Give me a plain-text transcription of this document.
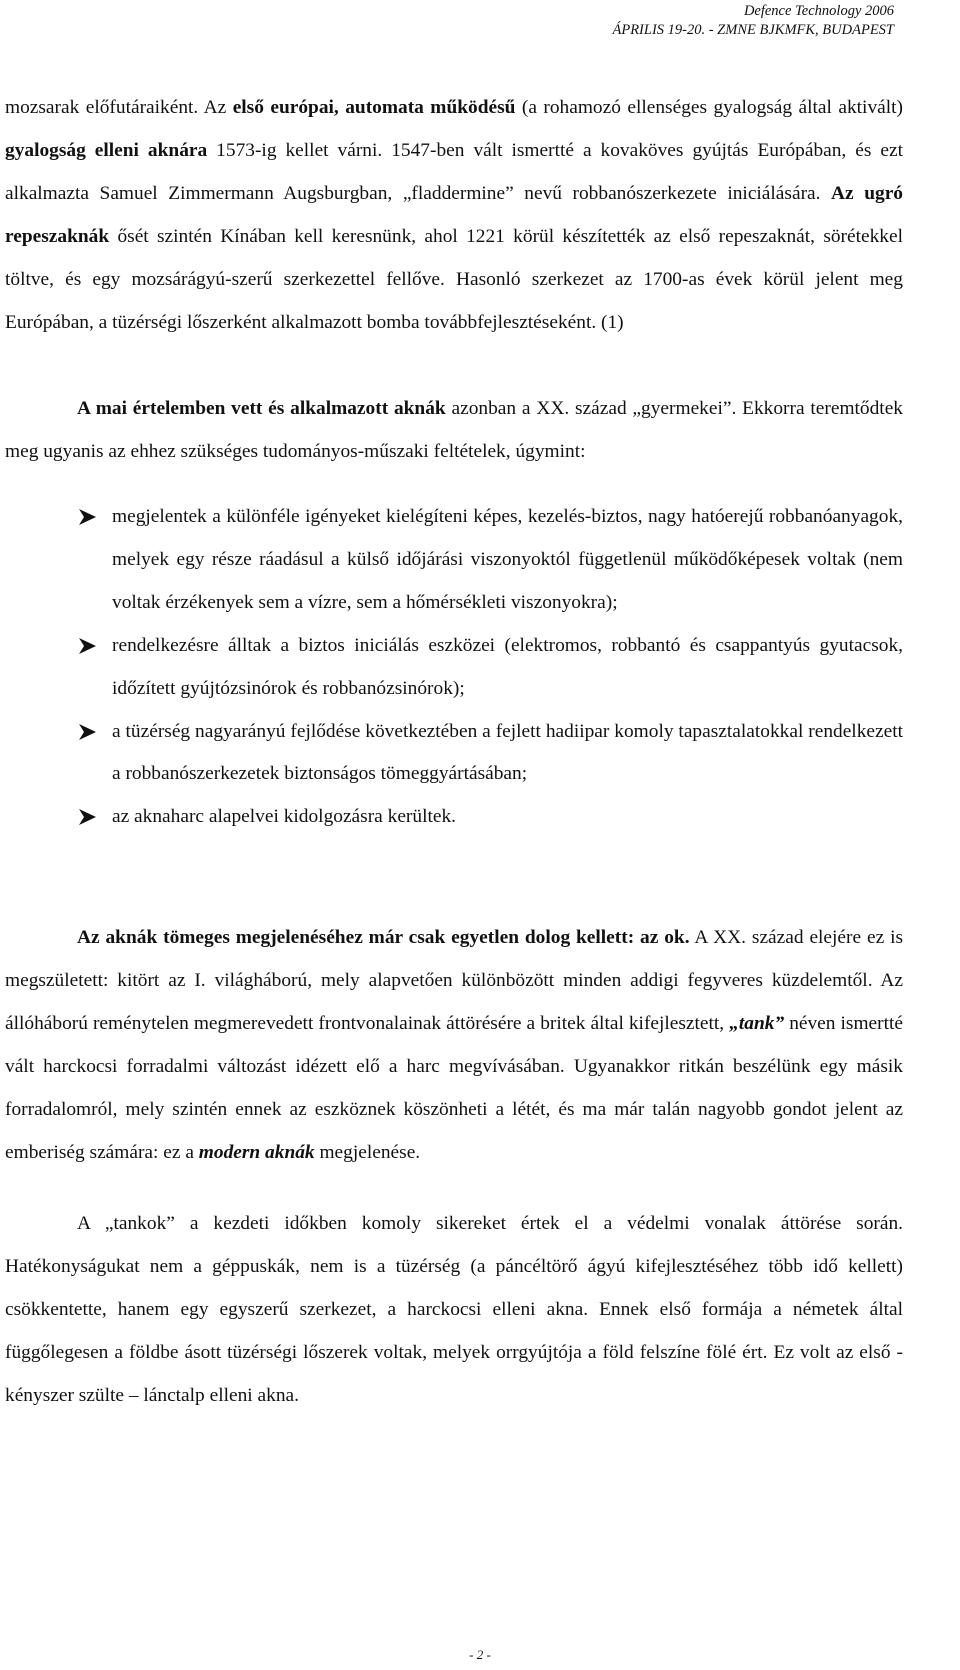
Defence Technology 2006
ÁPRILIS 19-20. - ZMNE BJKMFK, BUDAPEST

mozsarak előfutáraiként. Az első európai, automata működésű (a rohamozó ellenséges gyalogság által aktivált) gyalogság elleni aknára 1573-ig kellet várni. 1547-ben vált ismertté a kovaköves gyújtás Európában, és ezt alkalmazta Samuel Zimmermann Augsburgban, „fladdermine” nevű robbanószerkezete iniciálására. Az ugró repeszaknák ősét szintén Kínában kell keresnünk, ahol 1221 körül készítették az első repeszaknát, sörétekkel töltve, és egy mozsárágyú-szerű szerkezettel fellőve. Hasonló szerkezet az 1700-as évek körül jelent meg Európában, a tüzérségi lőszerként alkalmazott bomba továbbfejlesztéseként. (1)

A mai értelemben vett és alkalmazott aknák azonban a XX. század „gyermekei”. Ekkorra teremtődtek meg ugyanis az ehhez szükséges tudományos-műszaki feltételek, úgymint:

megjelentek a különféle igényeket kielégíteni képes, kezelés-biztos, nagy hatóerejű robbanóanyagok, melyek egy része ráadásul a külső időjárási viszonyoktól függetlenül működőképesek voltak (nem voltak érzékenyek sem a vízre, sem a hőmérsékleti viszonyokra);
rendelkezésre álltak a biztos iniciálás eszközei (elektromos, robbantó és csappantyús gyutacsok, időzített gyújtózsinórok és robbanózsinórok);
a tüzérség nagyarányú fejlődése következtében a fejlett hadiipar komoly tapasztalatokkal rendelkezett a robbanószerkezetek biztonságos tömeggyártásában;
az aknaharc alapelvei kidolgozásra kerültek.

Az aknák tömeges megjelenéséhez már csak egyetlen dolog kellett: az ok. A XX. század elejére ez is megszületett: kitört az I. világháború, mely alapvetően különbözött minden addigi fegyveres küzdelemtől. Az állóháború reménytelen megmerevedett frontvonalainak áttörésére a britek által kifejlesztett, „tank” néven ismertté vált harckocsi forradalmi változást idézett elő a harc megvívásában. Ugyanakkor ritkán beszélünk egy másik forradalomról, mely szintén ennek az eszköznek köszönheti a létét, és ma már talán nagyobb gondot jelent az emberiség számára: ez a modern aknák megjelenése.

A „tankok” a kezdeti időkben komoly sikereket értek el a védelmi vonalak áttörése során. Hatékonyságukat nem a géppuskák, nem is a tüzérség (a páncéltörő ágyú kifejlesztéséhez több idő kellett) csökkentette, hanem egy egyszerű szerkezet, a harckocsi elleni akna. Ennek első formája a németek által függőlegesen a földbe ásott tüzérségi lőszerek voltak, melyek orrgyújtója a föld felszíne fölé ért. Ez volt az első - kényszer szülte – lánctalp elleni akna.

- 2 -
